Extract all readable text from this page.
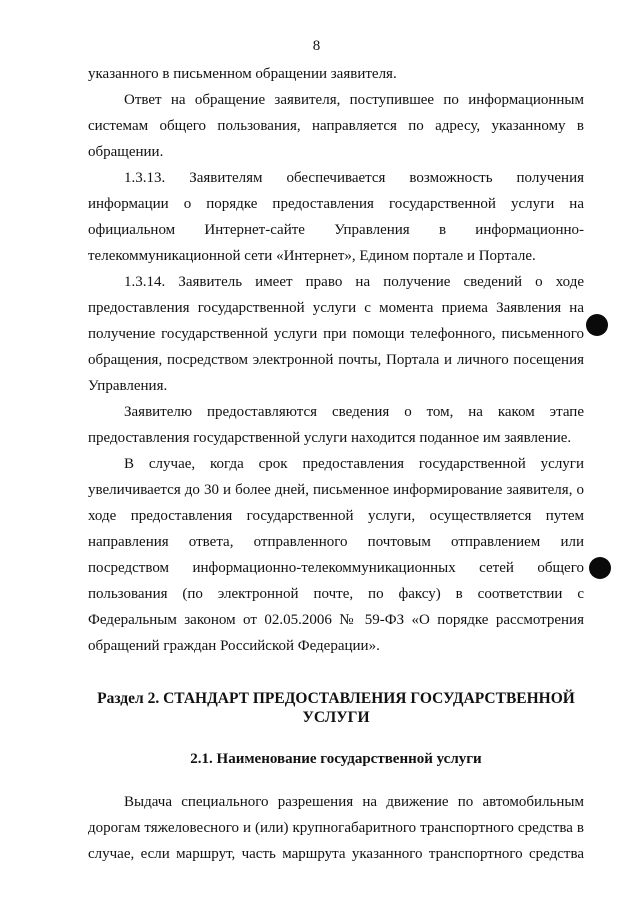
8

указанного в письменном обращении заявителя.

Ответ на обращение заявителя, поступившее по информационным системам общего пользования, направляется по адресу, указанному в обращении.

1.3.13. Заявителям обеспечивается возможность получения информации о порядке предоставления государственной услуги на официальном Интернет-сайте Управления в информационно-телекоммуникационной сети «Интернет», Едином портале и Портале.

1.3.14. Заявитель имеет право на получение сведений о ходе предоставления государственной услуги с момента приема Заявления на получение государственной услуги при помощи телефонного, письменного обращения, посредством электронной почты, Портала и личного посещения Управления.

Заявителю предоставляются сведения о том, на каком этапе предоставления государственной услуги находится поданное им заявление.

В случае, когда срок предоставления государственной услуги увеличивается до 30 и более дней, письменное информирование заявителя, о ходе предоставления государственной услуги, осуществляется путем направления ответа, отправленного почтовым отправлением или посредством информационно-телекоммуникационных сетей общего пользования (по электронной почте, по факсу) в соответствии с Федеральным законом от 02.05.2006 № 59-ФЗ «О порядке рассмотрения обращений граждан Российской Федерации».

Раздел 2. СТАНДАРТ ПРЕДОСТАВЛЕНИЯ ГОСУДАРСТВЕННОЙ УСЛУГИ
2.1. Наименование государственной услуги

Выдача специального разрешения на движение по автомобильным дорогам тяжеловесного и (или) крупногабаритного транспортного средства в случае, если маршрут, часть маршрута указанного транспортного средства
